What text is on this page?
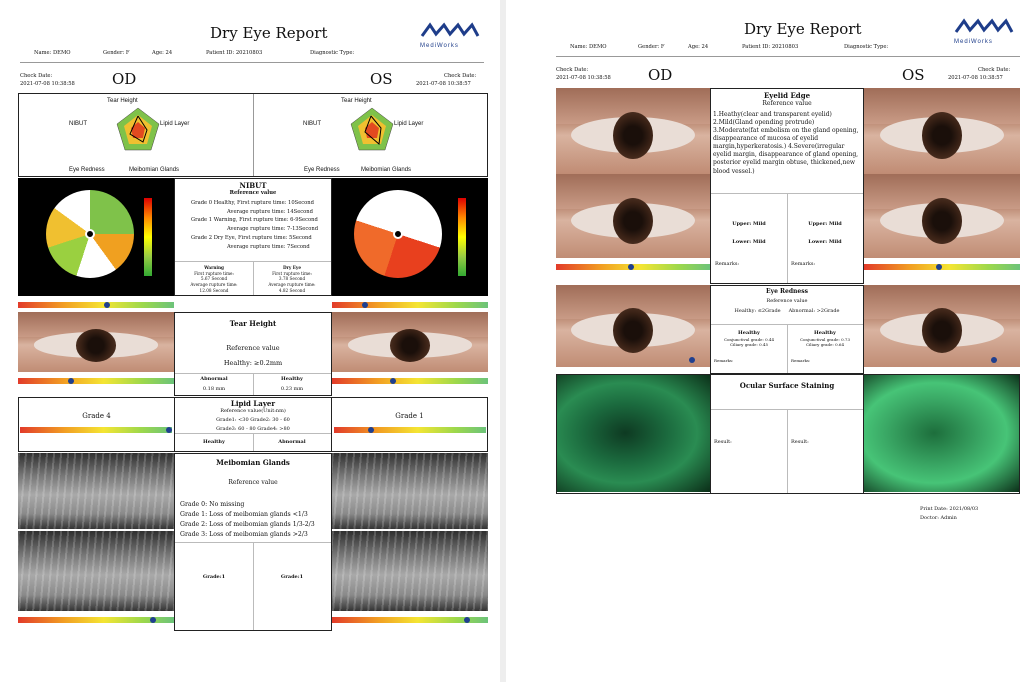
Dry Eye Report
MediWorks
Name: DEMO	Gender: F	Age: 24	Patient ID: 20210803	Diagnostic Type:
Check Date:
2021-07-08 10:38:58 OD	OS	Check Date:
2021-07-08 10:38:57
Tear Height
NIBUT	Lipid Layer
Eye Redness	Meibomian Glands
Tear Height
NIBUT	Lipid Layer
Eye Redness	Meibomian Glands
NIBUT
Reference value
Grade 0 Healthy, First rupture time: 10Second
Average rupture time: 14Second
Grade 1 Warning, First rupture time: 6-9Second
Average rupture time: 7-13Second
Grade 2 Dry Eye, First rupture time: 5Second
Average rupture time: 7Second
Warning
First rupture time:
5.67 Second
Average rupture time:
12.08 Second
Dry Eye
First rupture time:
3.78 Second
Average rupture time:
4.82 Second
Tear Height
Reference value
Healthy: ≥0.2mm
Abnormal
0.18 mm
Healthy
0.23 mm
Grade 4
Lipid Layer
Reference value(Unit:nm)
Grade1: <30 Grade2: 30 - 60
Grade3: 60 - 80 Grade4: >80
Healthy	Abnormal
Grade 1
Meibomian Glands
Reference value
Grade 0: No missing
Grade 1: Loss of meibomian glands <1/3
Grade 2: Loss of meibomian glands 1/3-2/3
Grade 3: Loss of meibomian glands >2/3
Grade:1	Grade:1
Dry Eye Report
MediWorks
Name: DEMO	Gender: F	Age: 24	Patient ID: 20210803	Diagnostic Type:
Check Date:
2021-07-08 10:38:58 OD	OS	Check Date:
2021-07-08 10:38:57
Eyelid Edge
Reference value
1.Heathy(clear and transparent eyelid) 2.Mild(Gland opending protrude) 3.Moderate(fat embolism on the gland opening, disappearance of mucosa of eyelid margin,hyperkeratosis.) 4.Severe(irregular eyelid margin, disappearance of gland opening, posterior eyelid margin obtuse, thickened,new blood vessel.)
Upper: Mild
Lower: Mild
Remarks:
Upper: Mild
Lower: Mild
Remarks:
Eye Redness
Reference value
Healthy: ≤2Grade     Abnormal: >2Grade
Healthy
Conjunctival grade: 0.44
Ciliary grade: 0.45
Remarks:
Healthy
Conjunctival grade: 0.73
Ciliary grade: 0.64
Remarks:
Ocular Surface Staining
Result:	Result:
Print Date: 2021/08/03
Doctor: Admin
